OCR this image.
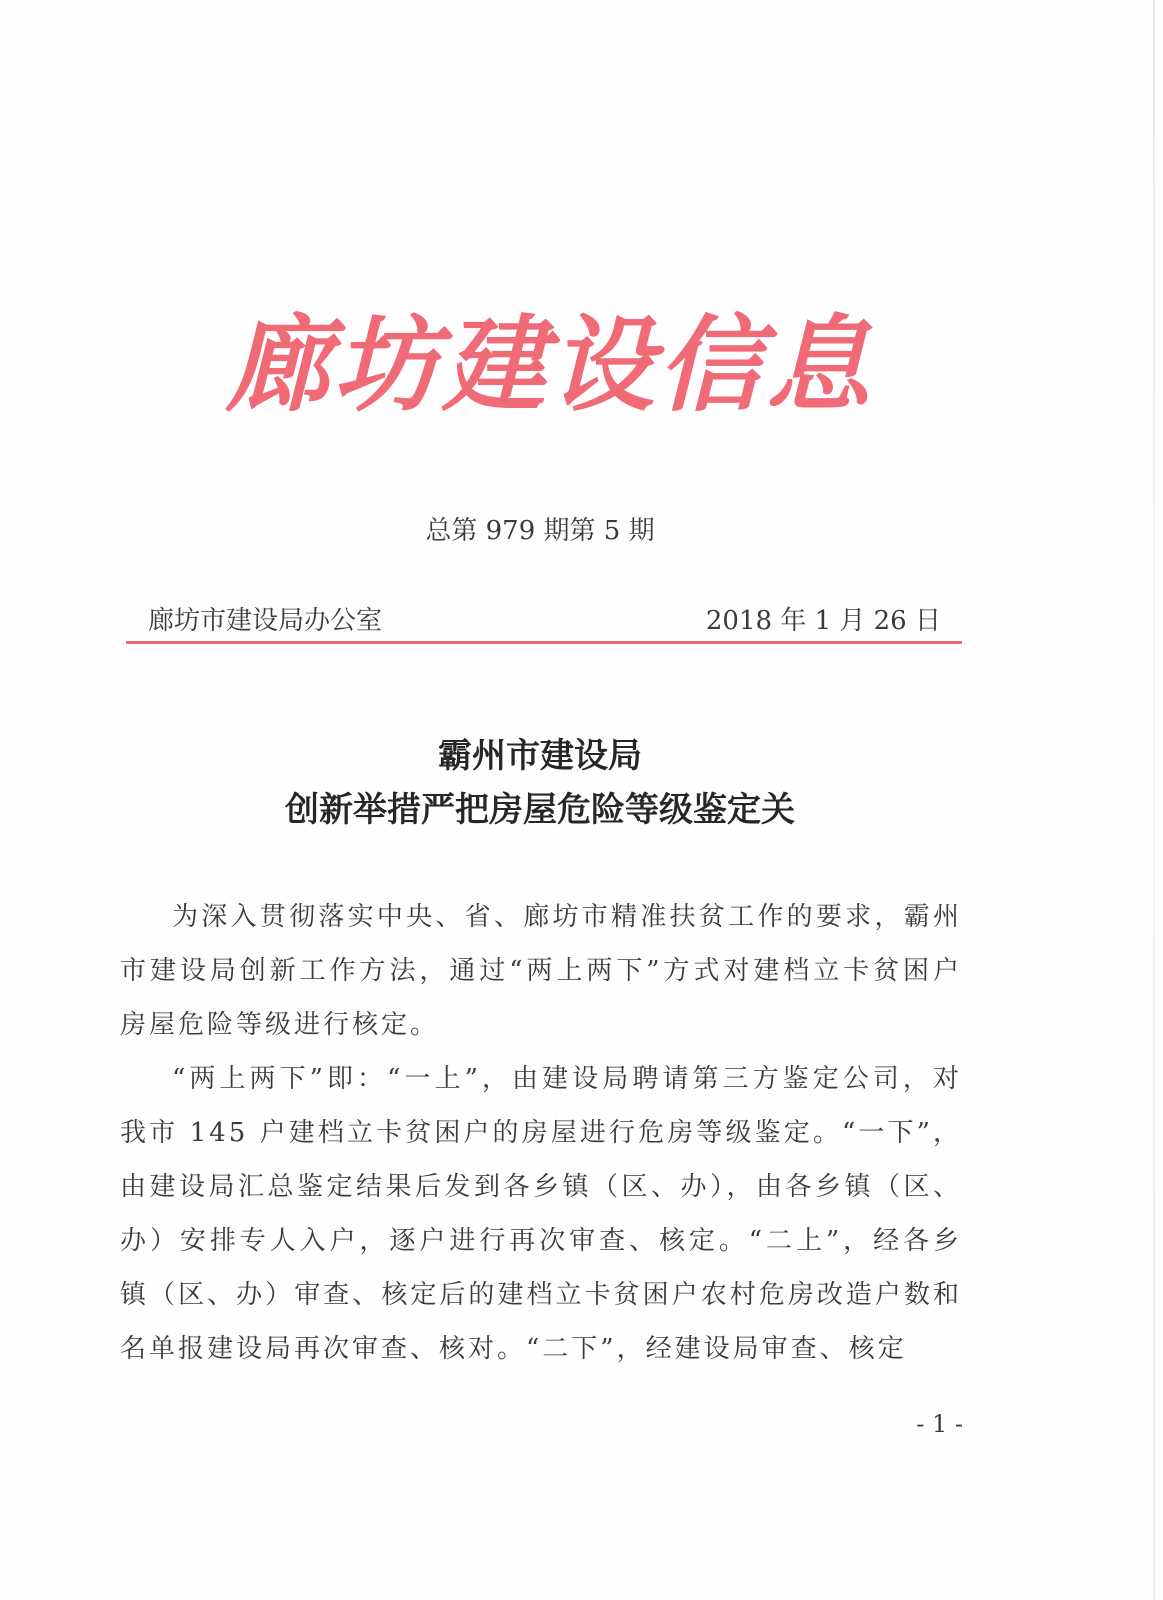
廊坊建设信息
总第 979 期第 5 期
廊坊市建设局办公室	2018 年 1 月 26 日
霸州市建设局
创新举措严把房屋危险等级鉴定关

为深入贯彻落实中央、省、廊坊市精准扶贫工作的要求，霸州市建设局创新工作方法，通过“两上两下”方式对建档立卡贫困户房屋危险等级进行核定。

“两上两下”即：“一上”，由建设局聘请第三方鉴定公司，对我市 145 户建档立卡贫困户的房屋进行危房等级鉴定。“一下”，由建设局汇总鉴定结果后发到各乡镇（区、办），由各乡镇（区、办）安排专人入户，逐户进行再次审查、核定。“二上”，经各乡镇（区、办）审查、核定后的建档立卡贫困户农村危房改造户数和名单报建设局再次审查、核对。“二下”，经建设局审查、核定

- 1 -
